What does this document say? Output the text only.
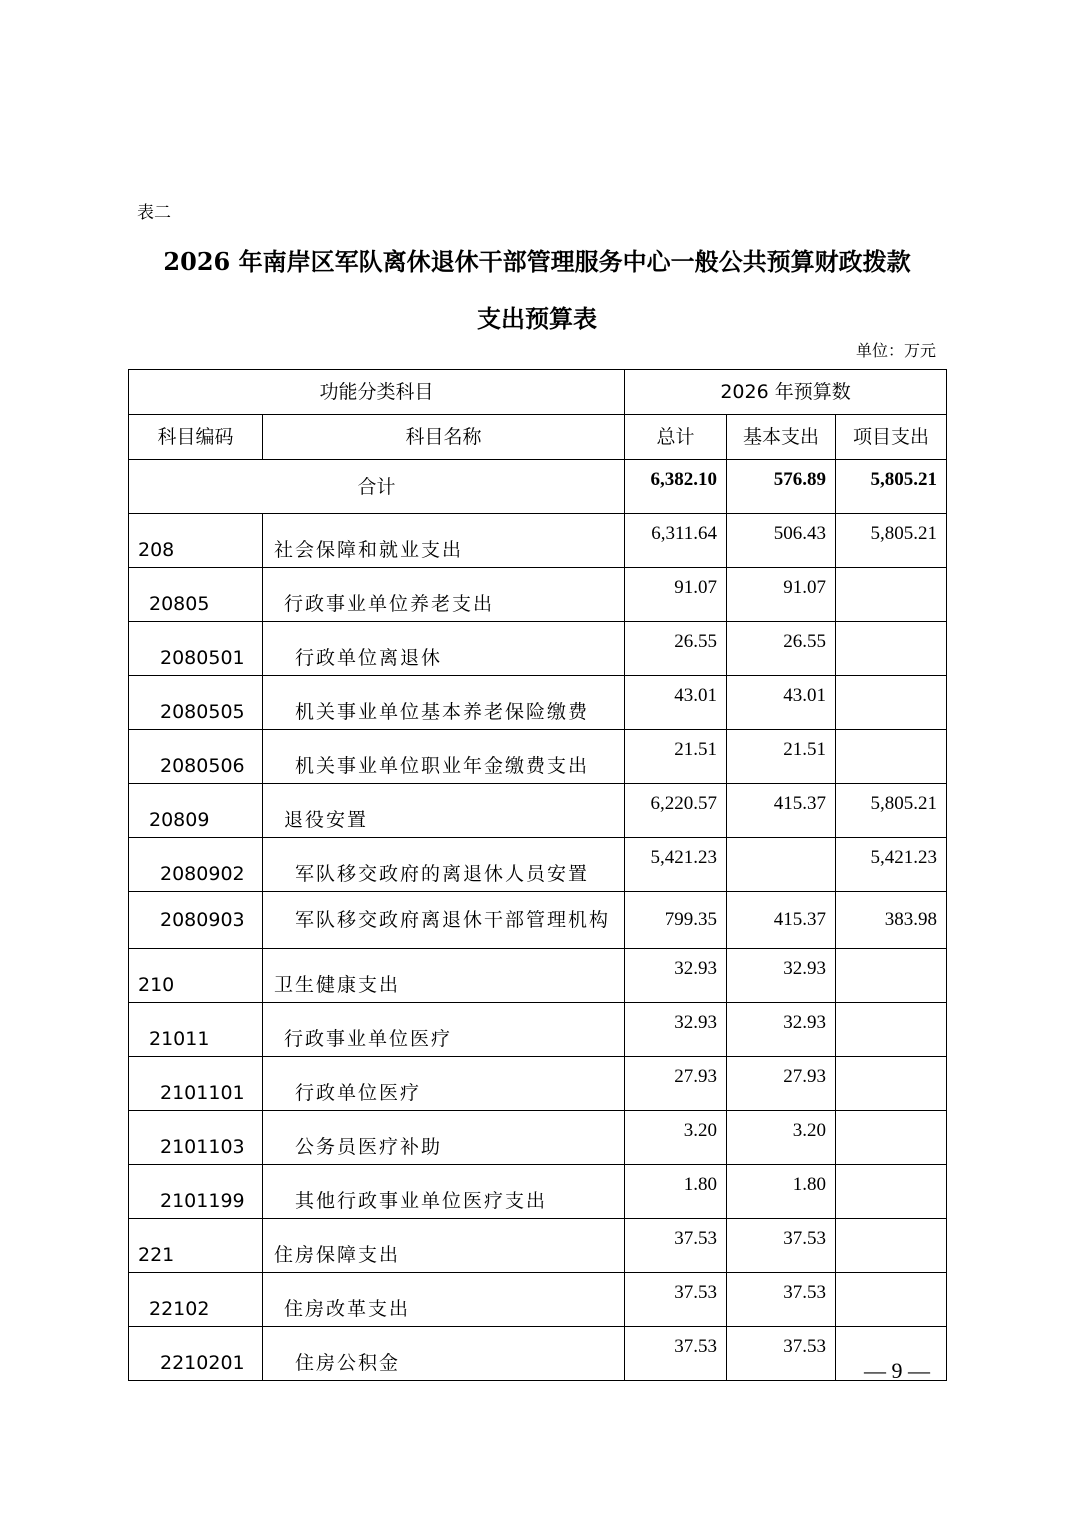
表二
2026 年南岸区军队离休退休干部管理服务中心一般公共预算财政拨款
支出预算表
单位：万元
功能分类科目		2026 年预算数		
科目编码	科目名称	总计	基本支出	项目支出
合计		6,382.10	576.89	5,805.21
208	社会保障和就业支出	6,311.64	506.43	5,805.21
20805	行政事业单位养老支出	91.07	91.07	
2080501	行政单位离退休	26.55	26.55	
2080505	机关事业单位基本养老保险缴费	43.01	43.01	
2080506	机关事业单位职业年金缴费支出	21.51	21.51	
20809	退役安置	6,220.57	415.37	5,805.21
2080902	军队移交政府的离退休人员安置	5,421.23		5,421.23
2080903	军队移交政府离退休干部管理机构	799.35	415.37	383.98
210	卫生健康支出	32.93	32.93	
21011	行政事业单位医疗	32.93	32.93	
2101101	行政单位医疗	27.93	27.93	
2101103	公务员医疗补助	3.20	3.20	
2101199	其他行政事业单位医疗支出	1.80	1.80	
221	住房保障支出	37.53	37.53	
22102	住房改革支出	37.53	37.53	
2210201	住房公积金	37.53	37.53	
— 9 —
